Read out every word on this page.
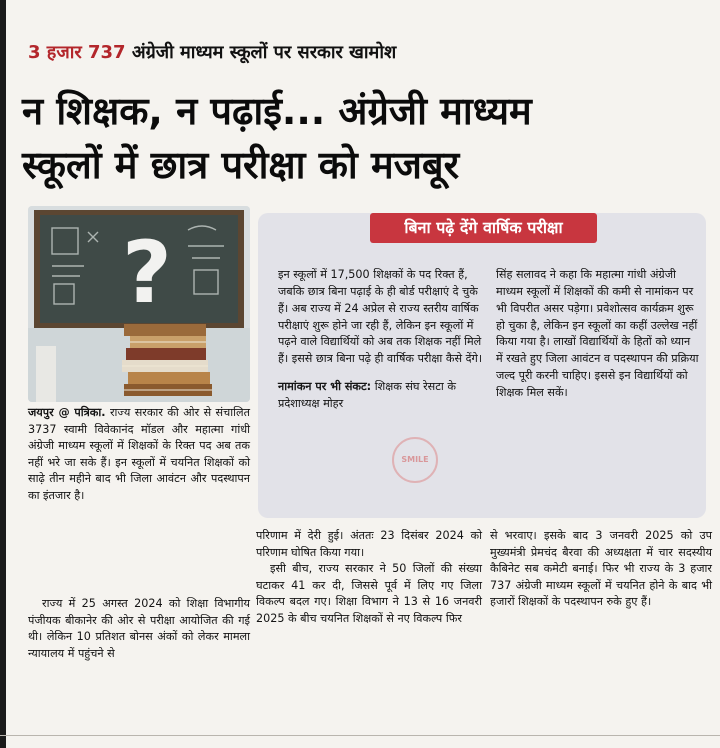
3 हजार 737 अंग्रेजी माध्यम स्कूलों पर सरकार खामोश
न शिक्षक, न पढ़ाई... अंग्रेजी माध्यम
स्कूलों में छात्र परीक्षा को मजबूर
?	बिना पढ़े देंगे वार्षिक परीक्षा

इन स्कूलों में 17,500 शिक्षकों के पद रिक्त हैं, जबकि छात्र बिना पढ़ाई के ही बोर्ड परीक्षाएं दे चुके हैं। अब राज्य में 24 अप्रेल से राज्य स्तरीय वार्षिक परीक्षाएं शुरू होने जा रही हैं, लेकिन इन स्कूलों में पढ़ने वाले विद्यार्थियों को अब तक शिक्षक नहीं मिले हैं। इससे छात्र बिना पढ़े ही वार्षिक परीक्षा कैसे देंगे।

नामांकन पर भी संकट: शिक्षक संघ रेसटा के प्रदेशाध्यक्ष मोहर

सिंह सलावद ने कहा कि महात्मा गांधी अंग्रेजी माध्यम स्कूलों में शिक्षकों की कमी से नामांकन पर भी विपरीत असर पड़ेगा। प्रवेशोत्सव कार्यक्रम शुरू हो चुका है, लेकिन इन स्कूलों का कहीं उल्लेख नहीं किया गया है। लाखों विद्यार्थियों के हितों को ध्यान में रखते हुए जिला आवंटन व पदस्थापन की प्रक्रिया जल्द पूरी करनी चाहिए। इससे इन विद्यार्थियों को शिक्षक मिल सकें।

SMILE

जयपुर @ पत्रिका. राज्य सरकार की ओर से संचालित 3737 स्वामी विवेकानंद मॉडल और महात्मा गांधी अंग्रेजी माध्यम स्कूलों में शिक्षकों के रिक्त पद अब तक नहीं भरे जा सके हैं। इन स्कूलों में चयनित शिक्षकों को साढ़े तीन महीने बाद भी जिला आवंटन और पदस्थापन का इंतजार है।

राज्य में 25 अगस्त 2024 को शिक्षा विभागीय पंजीयक बीकानेर की ओर से परीक्षा आयोजित की गई थी। लेकिन 10 प्रतिशत बोनस अंकों को लेकर मामला न्यायालय में पहुंचने से

परिणाम में देरी हुई। अंततः 23 दिसंबर 2024 को परिणाम घोषित किया गया।

इसी बीच, राज्य सरकार ने 50 जिलों की संख्या घटाकर 41 कर दी, जिससे पूर्व में लिए गए जिला विकल्प बदल गए। शिक्षा विभाग ने 13 से 16 जनवरी 2025 के बीच चयनित शिक्षकों से नए विकल्प फिर

से भरवाए। इसके बाद 3 जनवरी 2025 को उप मुख्यमंत्री प्रेमचंद बैरवा की अध्यक्षता में चार सदस्यीय कैबिनेट सब कमेटी बनाई। फिर भी राज्य के 3 हजार 737 अंग्रेजी माध्यम स्कूलों में चयनित होने के बाद भी हजारों शिक्षकों के पदस्थापन रुके हुए हैं।
